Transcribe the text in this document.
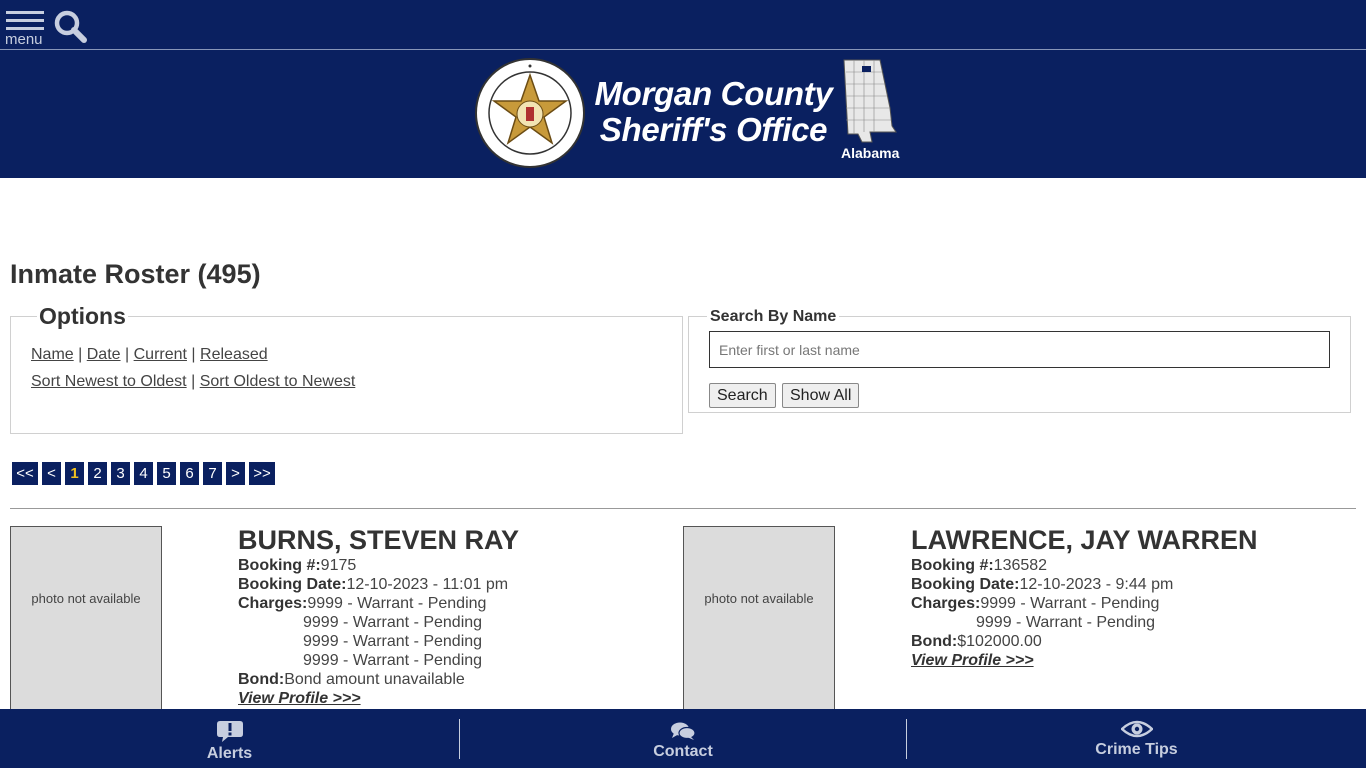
menu
Morgan County
Sheriff's Office
Alabama
Inmate Roster (495)
Options
Name | Date | Current | Released
Sort Newest to Oldest | Sort Oldest to Newest
Search By Name
Enter first or last name
Search	Show All
<< < 1 2 3 4 5 6 7 > >>
photo not available
BURNS, STEVEN RAY
Booking #:9175
Booking Date:12-10-2023 - 11:01 pm
Charges:9999 - Warrant - Pending
9999 - Warrant - Pending
9999 - Warrant - Pending
9999 - Warrant - Pending
Bond:Bond amount unavailable
View Profile >>>
photo not available
LAWRENCE, JAY WARREN
Booking #:136582
Booking Date:12-10-2023 - 9:44 pm
Charges:9999 - Warrant - Pending
9999 - Warrant - Pending
Bond:$102000.00
View Profile >>>
Alerts	Contact	Crime Tips
